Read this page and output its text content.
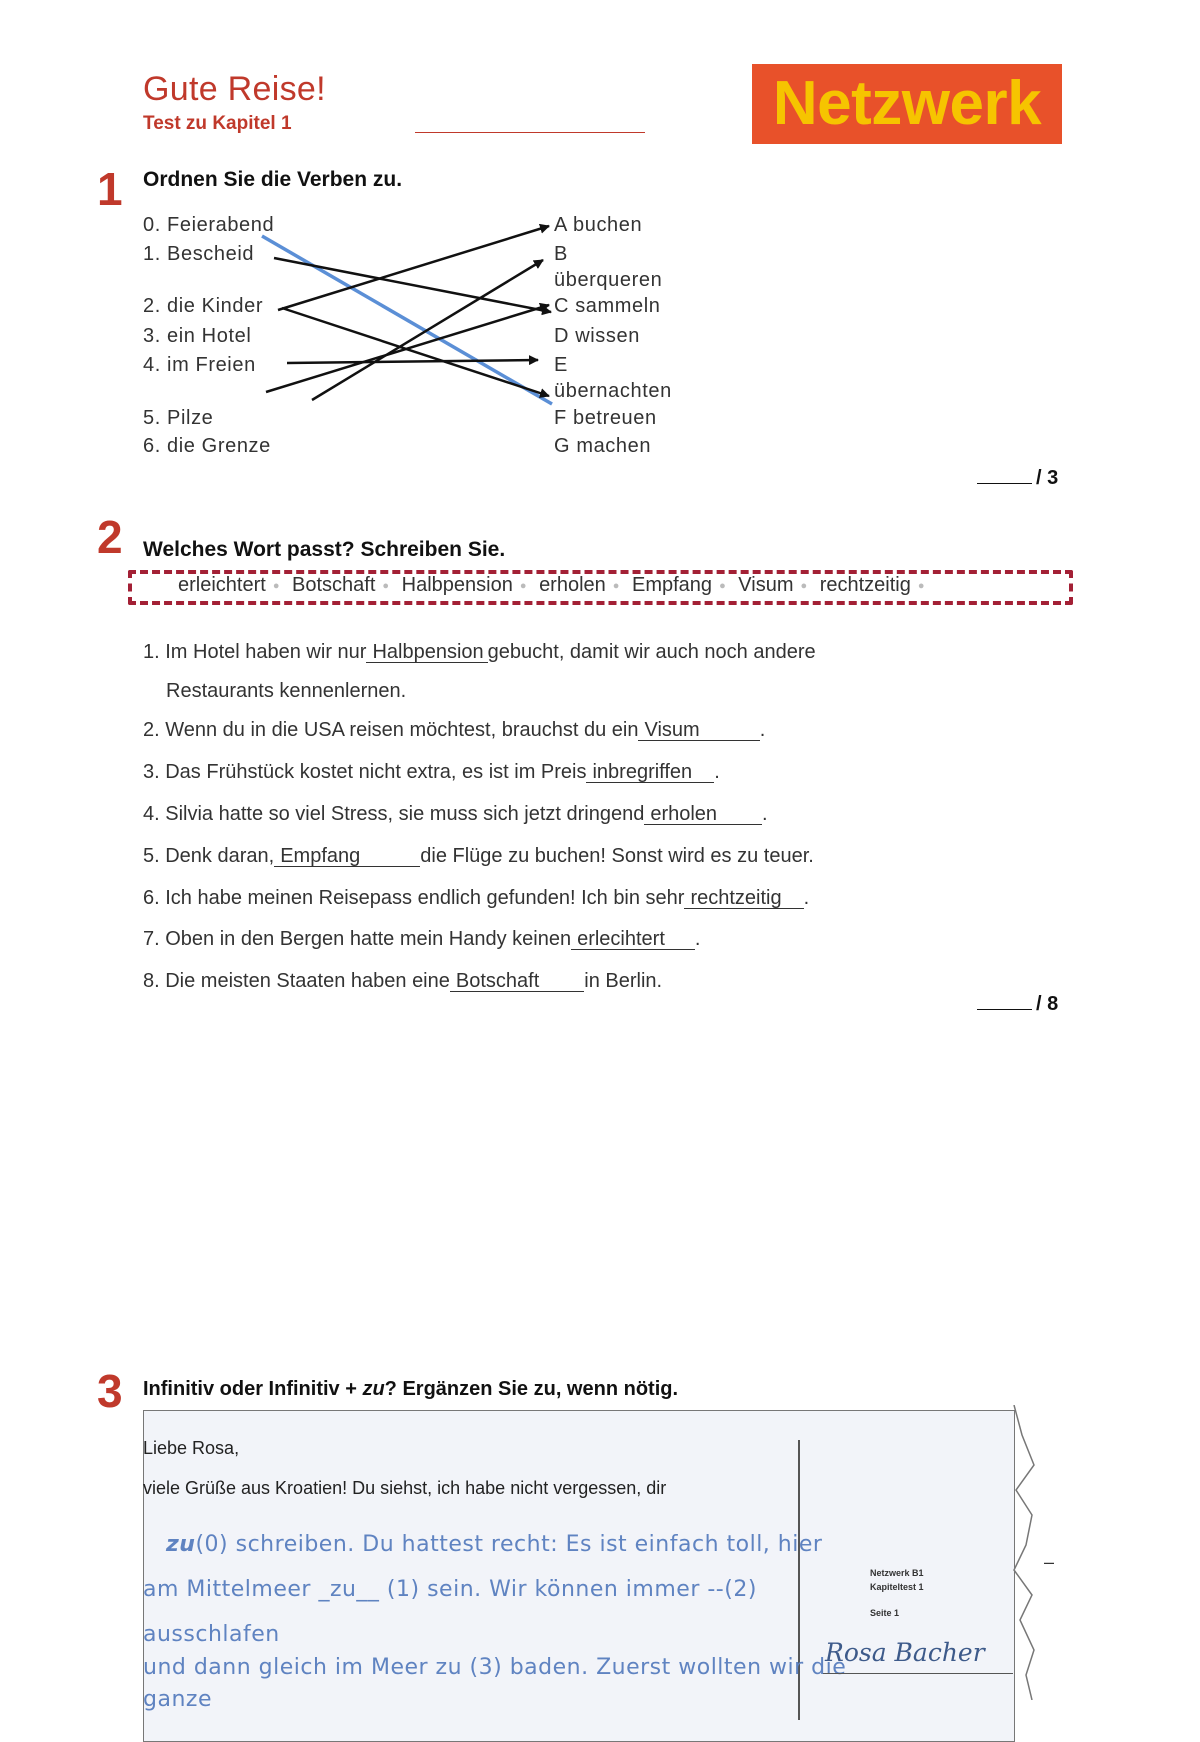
Gute Reise!
Test zu Kapitel 1	Netzwerk
1 Ordnen Sie die Verben zu.
0. Feierabend
1. Bescheid
2. die Kinder
3. ein Hotel
4. im Freien
5. Pilze
6. die Grenze
A buchen
B
überqueren
C sammeln
D wissen
E
übernachten
F betreuen
G machen
/ 3
2 Welches Wort passt? Schreiben Sie.
erleichtert ● Botschaft ● Halbpension ● erholen ● Empfang ● Visum ● rechtzeitig ●
1. Im Hotel haben wir nur Halbpension gebucht, damit wir auch noch andere
Restaurants kennenlernen.
2. Wenn du in die USA reisen möchtest, brauchst du ein Visum	.
3. Das Frühstück kostet nicht extra, es ist im Preis inbregriffen .
4. Silvia hatte so viel Stress, sie muss sich jetzt dringend erholen .
5. Denk daran, Empfang	die Flüge zu buchen! Sonst wird es zu teuer.
6. Ich habe meinen Reisepass endlich gefunden! Ich bin sehr rechtzeitig .
7. Oben in den Bergen hatte mein Handy keinen erlecihtert .
8. Die meisten Staaten haben eine Botschaft in Berlin.
/ 8
3 Infinitiv oder Infinitiv + zu? Ergänzen Sie zu, wenn nötig.
Liebe Rosa,
viele Grüße aus Kroatien! Du siehst, ich habe nicht vergessen, dir
zu(0) schreiben. Du hattest recht: Es ist einfach toll, hier
am Mittelmeer _zu__ (1) sein. Wir können immer --(2)
ausschlafen
und dann gleich im Meer zu (3) baden. Zuerst wollten wir die
ganze
Netzwerk B1
Kapiteltest 1
Seite 1
Rosa Bacher
–
